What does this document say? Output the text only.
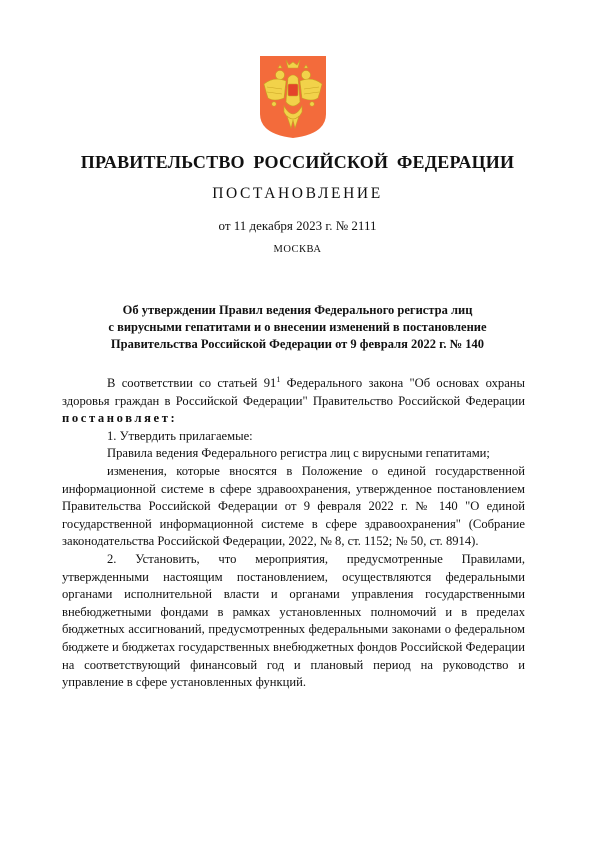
ПРАВИТЕЛЬСТВО РОССИЙСКОЙ ФЕДЕРАЦИИ
ПОСТАНОВЛЕНИЕ
от 11 декабря 2023 г. № 2111
МОСКВА
Об утверждении Правил ведения Федерального регистра лиц
с вирусными гепатитами и о внесении изменений в постановление
Правительства Российской Федерации от 9 февраля 2022 г. № 140

В соответствии со статьей $91^1$ Федерального закона "Об основах охраны здоровья граждан в Российской Федерации" Правительство Российской Федерации постановляет:

1. Утвердить прилагаемые:

Правила ведения Федерального регистра лиц с вирусными гепатитами;

изменения, которые вносятся в Положение о единой государственной информационной системе в сфере здравоохранения, утвержденное постановлением Правительства Российской Федерации от 9 февраля 2022 г. № 140 "О единой государственной информационной системе в сфере здравоохранения" (Собрание законодательства Российской Федерации, 2022, № 8, ст. 1152; № 50, ст. 8914).

2. Установить, что мероприятия, предусмотренные Правилами, утвержденными настоящим постановлением, осуществляются федеральными органами исполнительной власти и органами управления государственными внебюджетными фондами в рамках установленных полномочий и в пределах бюджетных ассигнований, предусмотренных федеральными законами о федеральном бюджете и бюджетах государственных внебюджетных фондов Российской Федерации на соответствующий финансовый год и плановый период на руководство и управление в сфере установленных функций.
